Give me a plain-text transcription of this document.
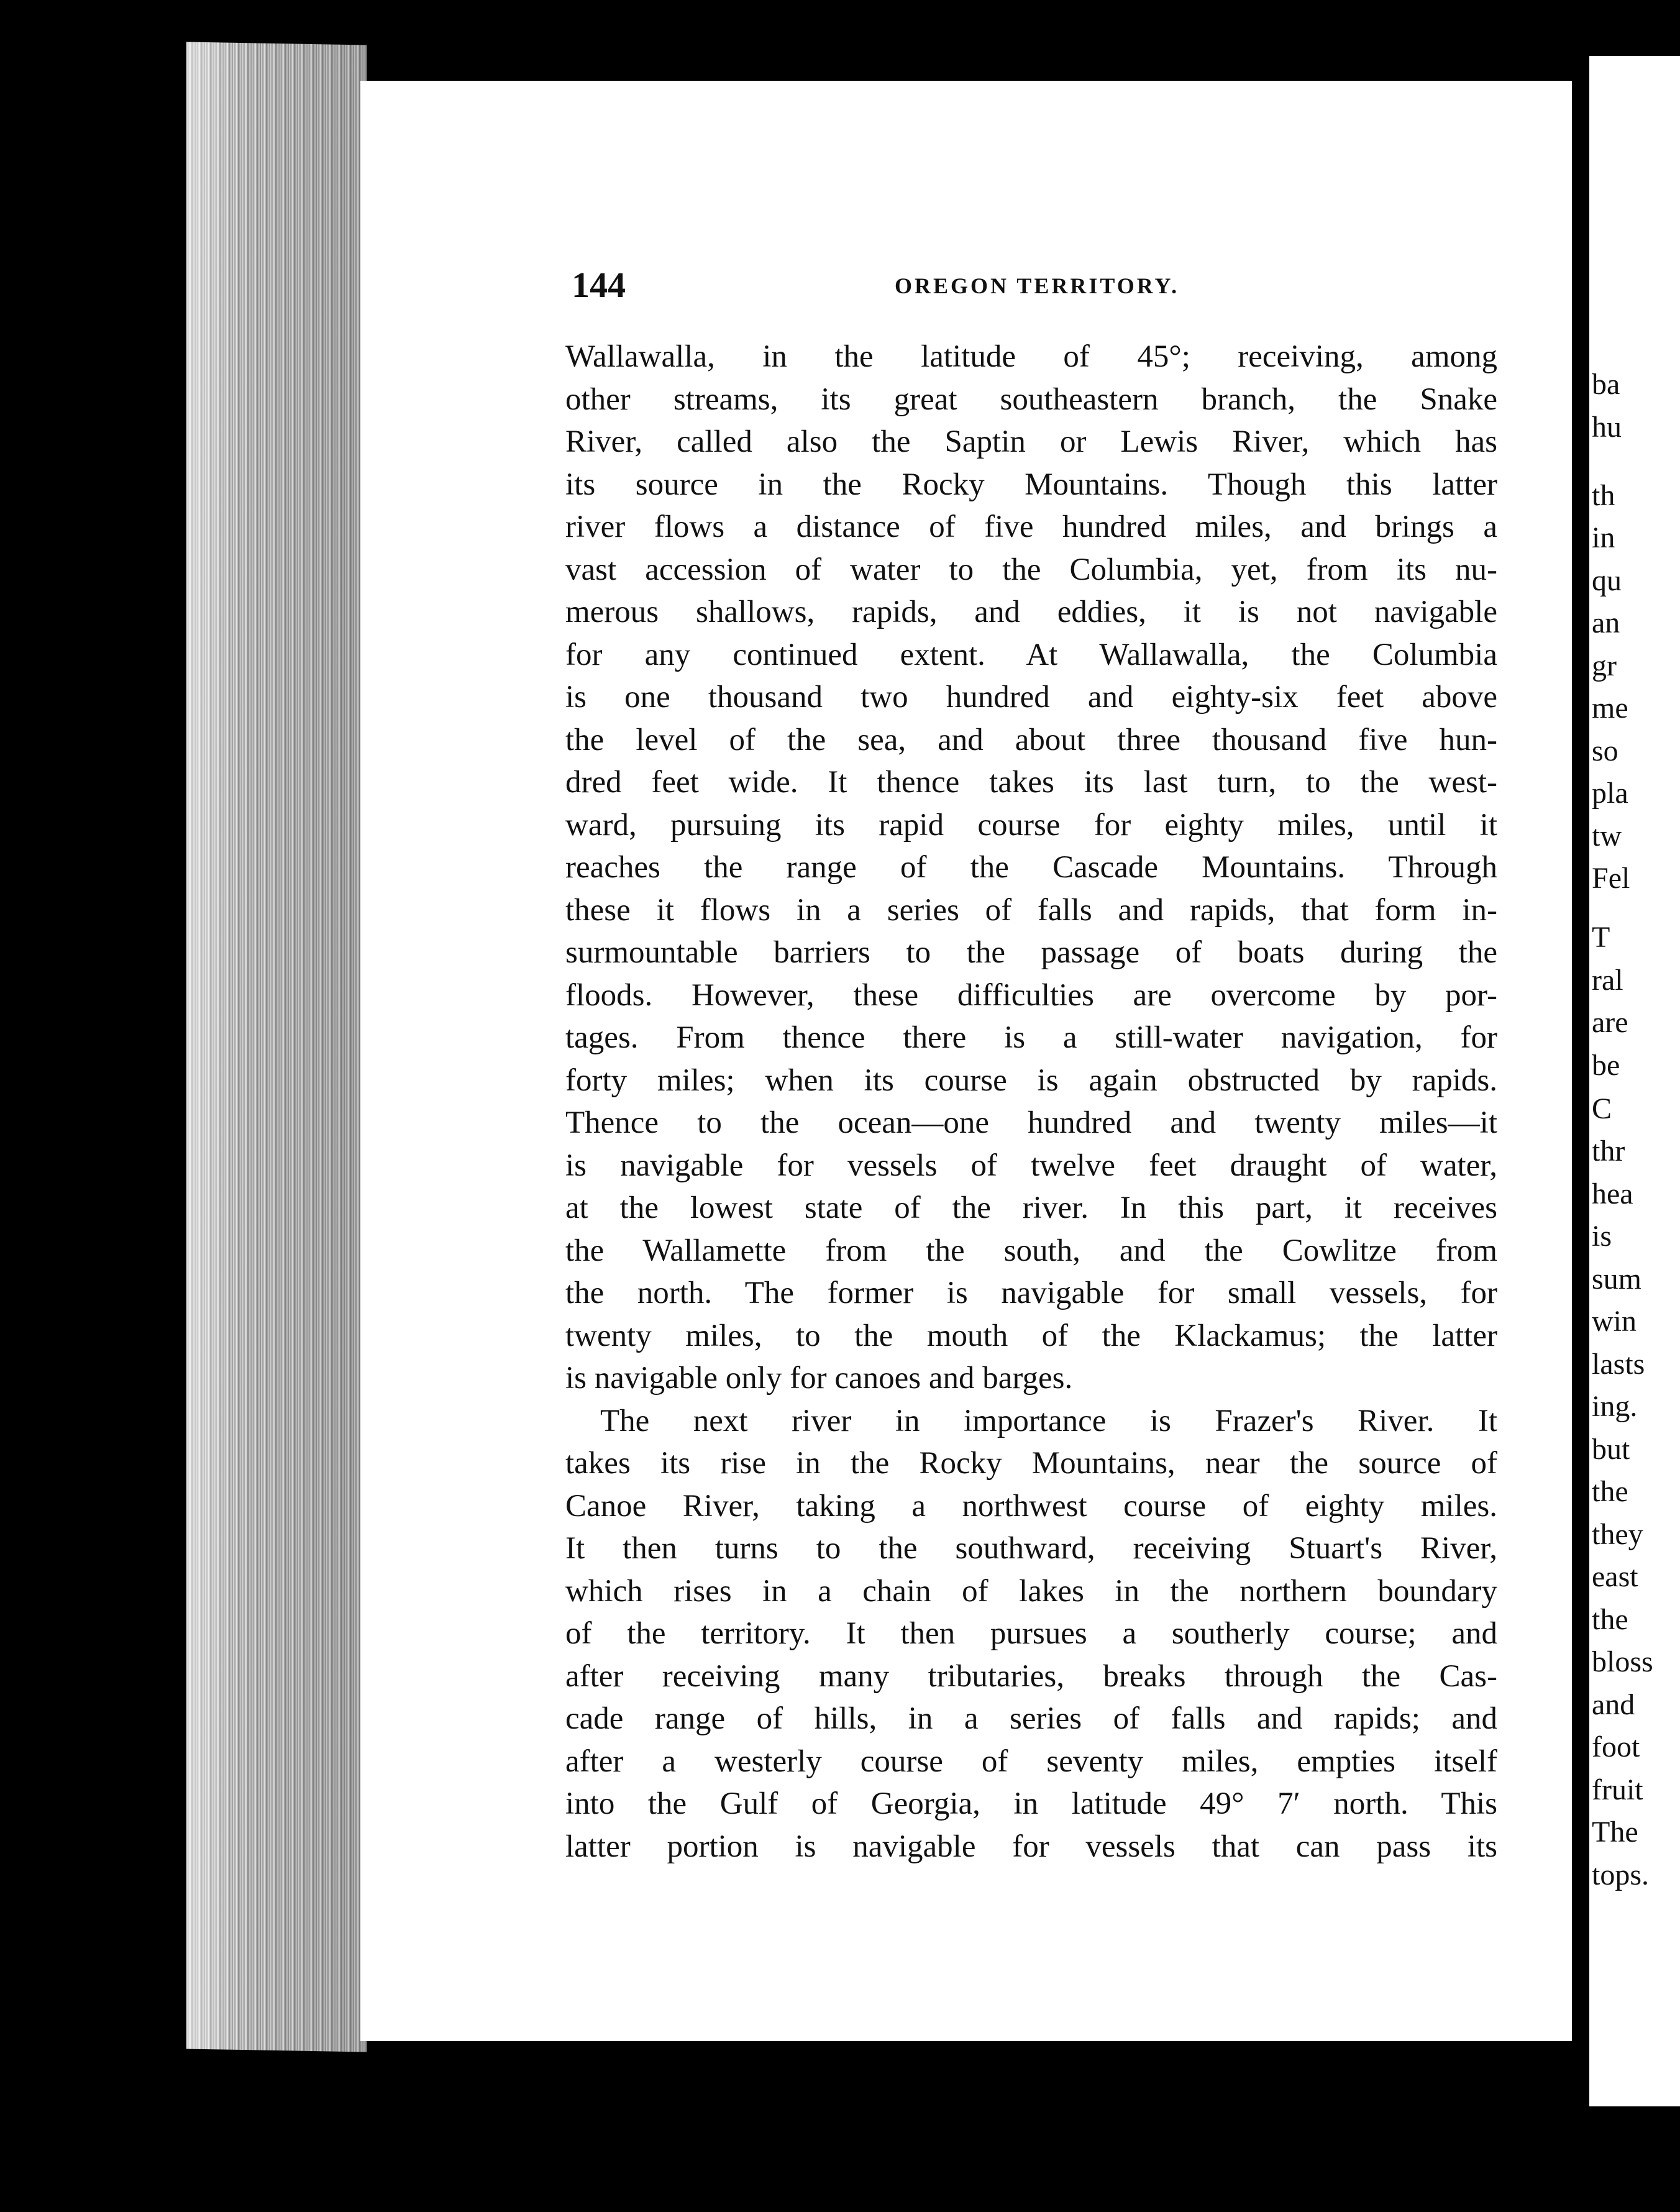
144	OREGON TERRITORY.
Wallawalla, in the latitude of 45°; receiving, among
other streams, its great southeastern branch, the Snake
River, called also the Saptin or Lewis River, which has
its source in the Rocky Mountains. Though this latter
river flows a distance of five hundred miles, and brings a
vast accession of water to the Columbia, yet, from its nu-
merous shallows, rapids, and eddies, it is not navigable
for any continued extent. At Wallawalla, the Columbia
is one thousand two hundred and eighty-six feet above
the level of the sea, and about three thousand five hun-
dred feet wide. It thence takes its last turn, to the west-
ward, pursuing its rapid course for eighty miles, until it
reaches the range of the Cascade Mountains. Through
these it flows in a series of falls and rapids, that form in-
surmountable barriers to the passage of boats during the
floods. However, these difficulties are overcome by por-
tages. From thence there is a still-water navigation, for
forty miles; when its course is again obstructed by rapids.
Thence to the ocean—one hundred and twenty miles—it
is navigable for vessels of twelve feet draught of water,
at the lowest state of the river. In this part, it receives
the Wallamette from the south, and the Cowlitze from
the north. The former is navigable for small vessels, for
twenty miles, to the mouth of the Klackamus; the latter
is navigable only for canoes and barges.
The next river in importance is Frazer's River. It
takes its rise in the Rocky Mountains, near the source of
Canoe River, taking a northwest course of eighty miles.
It then turns to the southward, receiving Stuart's River,
which rises in a chain of lakes in the northern boundary
of the territory. It then pursues a southerly course; and
after receiving many tributaries, breaks through the Cas-
cade range of hills, in a series of falls and rapids; and
after a westerly course of seventy miles, empties itself
into the Gulf of Georgia, in latitude 49° 7′ north. This
latter portion is navigable for vessels that can pass its
ba
hu
th
in
qu
an
gr
me
so
pla
tw
Fel
T
ral
are
be
C
thr
hea
is
sum
win
lasts
ing.
but
the
they
east
the
bloss
and
foot
fruit
The
tops.
